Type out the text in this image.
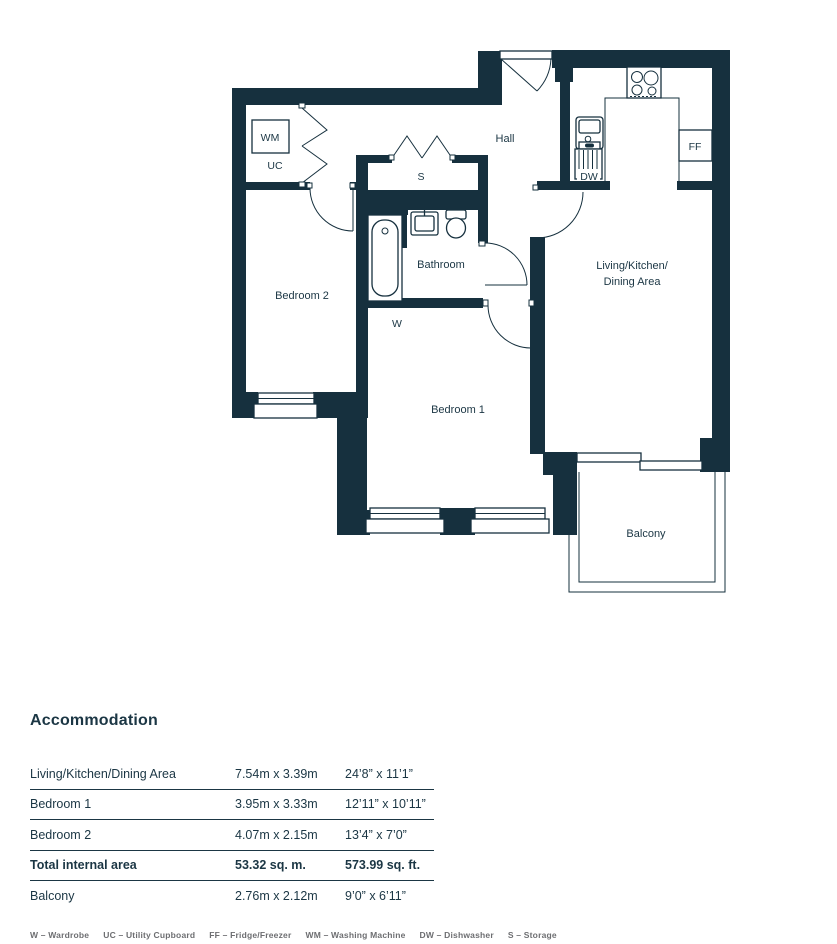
Hall
S
Bathroom
Bedroom 1
Bedroom 2
W
WM
UC
FF
DW
Living/Kitchen/
Dining Area
Balcony
Accommodation
Living/Kitchen/Dining Area	7.54m x 3.39m	24’8” x 11’1”
Bedroom 1	3.95m x 3.33m	12’11” x 10’11”
Bedroom 2	4.07m x 2.15m	13’4” x 7’0”
Total internal area	53.32 sq. m.	573.99 sq. ft.
Balcony	2.76m x 2.12m	9’0” x 6’11”
W – Wardrobe UC – Utility Cupboard FF – Fridge/Freezer WM – Washing Machine DW – Dishwasher S – Storage
